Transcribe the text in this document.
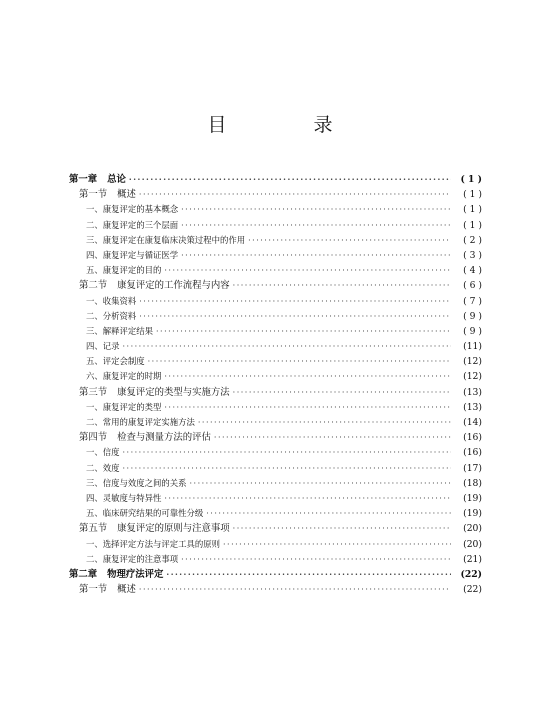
目　录
第一章 总论 ·····	( 1 )
第一节 概述 ·····	( 1 )
一、康复评定的基本概念 ·····	( 1 )
二、康复评定的三个层面 ·····	( 1 )
三、康复评定在康复临床决策过程中的作用 ·····	( 2 )
四、康复评定与循证医学 ·····	( 3 )
五、康复评定的目的 ·····	( 4 )
第二节 康复评定的工作流程与内容 ·····	( 6 )
一、收集资料 ·····	( 7 )
二、分析资料 ·····	( 9 )
三、解释评定结果 ·····	( 9 )
四、记录 ·····	(11)
五、评定会制度 ·····	(12)
六、康复评定的时期 ·····	(12)
第三节 康复评定的类型与实施方法 ·····	(13)
一、康复评定的类型 ·····	(13)
二、常用的康复评定实施方法 ·····	(14)
第四节 检查与测量方法的评估 ·····	(16)
一、信度 ·····	(16)
二、效度 ·····	(17)
三、信度与效度之间的关系 ·····	(18)
四、灵敏度与特异性 ·····	(19)
五、临床研究结果的可靠性分级 ·····	(19)
第五节 康复评定的原则与注意事项 ·····	(20)
一、选择评定方法与评定工具的原则 ·····	(20)
二、康复评定的注意事项 ·····	(21)
第二章 物理疗法评定 ·····	(22)
第一节 概述 ·····	(22)
